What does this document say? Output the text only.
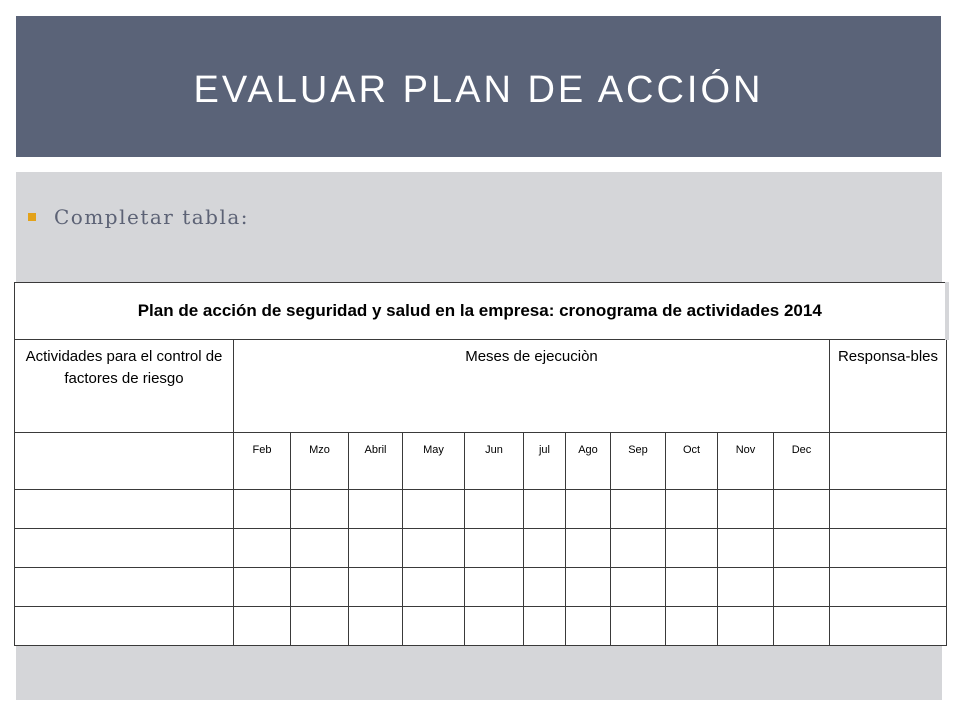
EVALUAR PLAN DE ACCIÓN
Completar tabla:
Plan de acción de seguridad y salud en la empresa: cronograma de actividades 2014												
Actividades para el control de factores de riesgo	Meses de ejecuciòn											Responsa-bles
	Feb	Mzo	Abril	May	Jun	jul	Ago	Sep	Oct	Nov	Dec	
